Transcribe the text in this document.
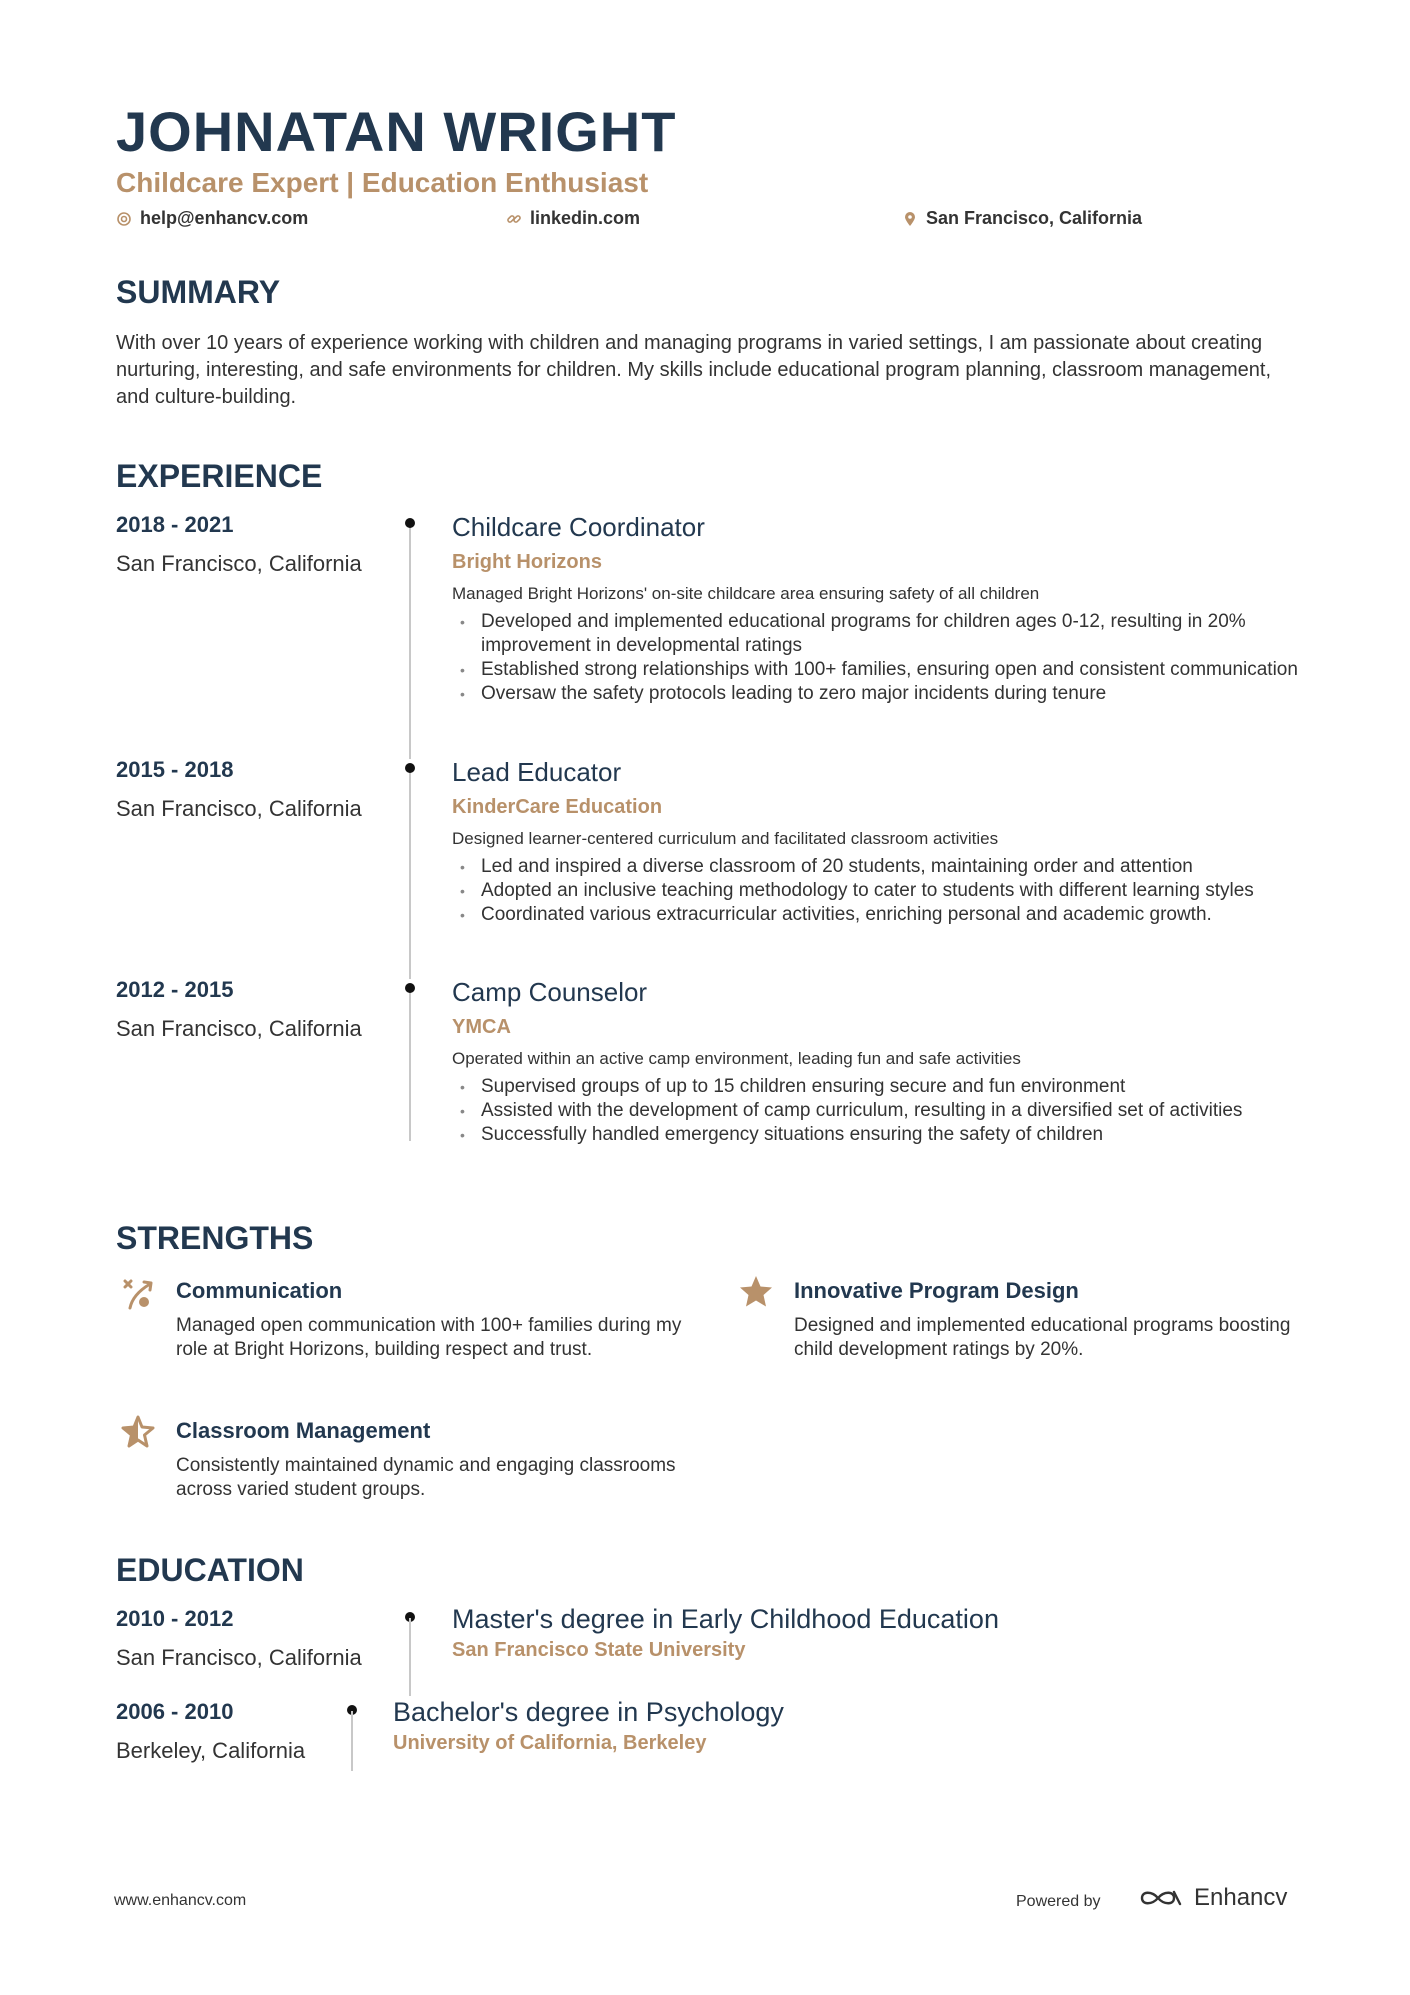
JOHNATAN WRIGHT
Childcare Expert | Education Enthusiast
help@enhancv.com	linkedin.com	San Francisco, California
SUMMARY
With over 10 years of experience working with children and managing programs in varied settings, I am passionate about creating nurturing, interesting, and safe environments for children. My skills include educational program planning, classroom management, and culture-building.
EXPERIENCE
2018 - 2021
San Francisco, California
Childcare Coordinator
Bright Horizons
Managed Bright Horizons' on-site childcare area ensuring safety of all children
• Developed and implemented educational programs for children ages 0-12, resulting in 20% improvement in developmental ratings
• Established strong relationships with 100+ families, ensuring open and consistent communication
• Oversaw the safety protocols leading to zero major incidents during tenure
2015 - 2018
San Francisco, California
Lead Educator
KinderCare Education
Designed learner-centered curriculum and facilitated classroom activities
• Led and inspired a diverse classroom of 20 students, maintaining order and attention
• Adopted an inclusive teaching methodology to cater to students with different learning styles
• Coordinated various extracurricular activities, enriching personal and academic growth.
2012 - 2015
San Francisco, California
Camp Counselor
YMCA
Operated within an active camp environment, leading fun and safe activities
• Supervised groups of up to 15 children ensuring secure and fun environment
• Assisted with the development of camp curriculum, resulting in a diversified set of activities
• Successfully handled emergency situations ensuring the safety of children
STRENGTHS
Communication
Managed open communication with 100+ families during my role at Bright Horizons, building respect and trust.
Innovative Program Design
Designed and implemented educational programs boosting child development ratings by 20%.
Classroom Management
Consistently maintained dynamic and engaging classrooms across varied student groups.
EDUCATION
2010 - 2012
San Francisco, California
Master's degree in Early Childhood Education
San Francisco State University
2006 - 2010
Berkeley, California
Bachelor's degree in Psychology
University of California, Berkeley
www.enhancv.com	Powered by	Enhancv
